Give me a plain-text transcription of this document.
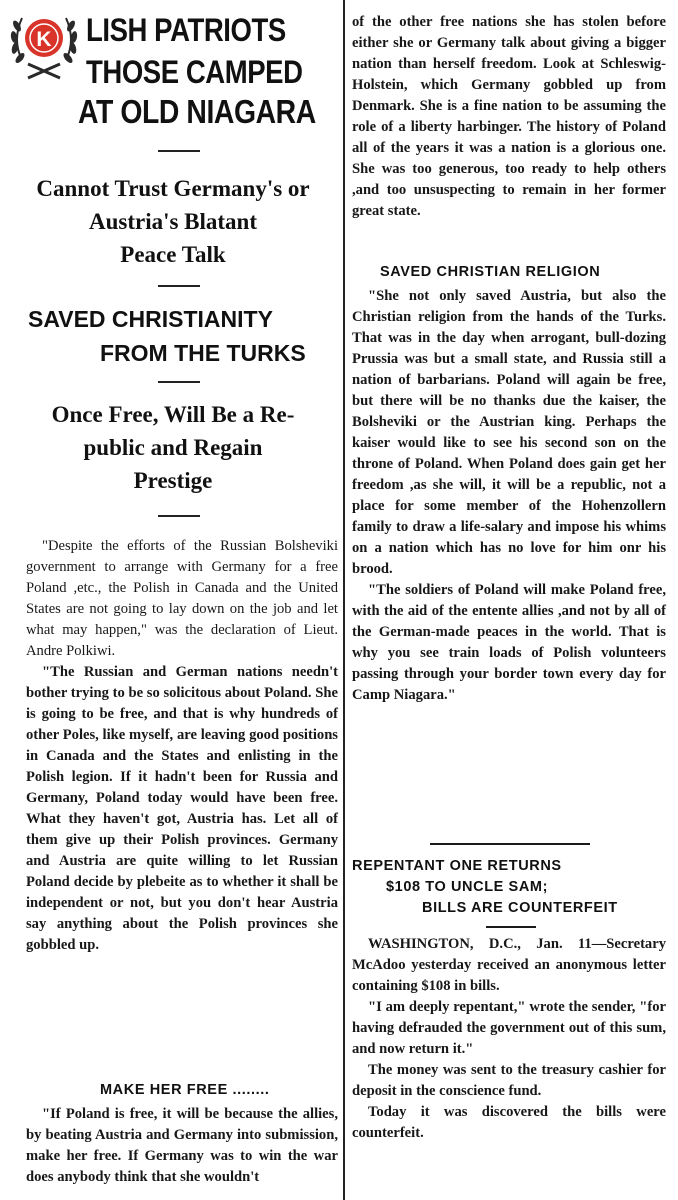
K LISH PATRIOTS
THOSE CAMPED
AT OLD NIAGARA
Cannot Trust Germany's or
Austria's Blatant
Peace Talk
SAVED CHRISTIANITY
FROM THE TURKS
Once Free, Will Be a Re-
public and Regain
Prestige

"Despite the efforts of the Russian Bolsheviki government to arrange with Germany for a free Poland ,etc., the Polish in Canada and the United States are not going to lay down on the job and let what may happen," was the declaration of Lieut. Andre Polkiwi.

"The Russian and German nations needn't bother trying to be so solicitous about Poland. She is going to be free, and that is why hundreds of other Poles, like myself, are leaving good positions in Canada and the States and enlisting in the Polish legion. If it hadn't been for Russia and Germany, Poland today would have been free. What they haven't got, Austria has. Let all of them give up their Polish provinces. Germany and Austria are quite willing to let Russian Poland decide by plebeite as to whether it shall be independent or not, but you don't hear Austria say anything about the Polish provinces she gobbled up.

MAKE HER FREE ........

"If Poland is free, it will be because the allies, by beating Austria and Germany into submission, make her free. If Germany was to win the war does anybody think that she wouldn't

of the other free nations she has stolen before either she or Germany talk about giving a bigger nation than herself freedom. Look at Schleswig-Holstein, which Germany gobbled up from Denmark. She is a fine nation to be assuming the role of a liberty harbinger. The history of Poland all of the years it was a nation is a glorious one. She was too generous, too ready to help others ,and too unsuspecting to remain in her former great state.

SAVED CHRISTIAN RELIGION

"She not only saved Austria, but also the Christian religion from the hands of the Turks. That was in the day when arrogant, bull-dozing Prussia was but a small state, and Russia still a nation of barbarians. Poland will again be free, but there will be no thanks due the kaiser, the Bolsheviki or the Austrian king. Perhaps the kaiser would like to see his second son on the throne of Poland. When Poland does gain get her freedom ,as she will, it will be a republic, not a place for some member of the Hohenzollern family to draw a life-salary and impose his whims on a nation which has no love for him onr his brood.

"The soldiers of Poland will make Poland free, with the aid of the entente allies ,and not by all of the German-made peaces in the world. That is why you see train loads of Polish volunteers passing through your border town every day for Camp Niagara."

REPENTANT ONE RETURNS
$108 TO UNCLE SAM;
BILLS ARE COUNTERFEIT

WASHINGTON, D.C., Jan. 11—Secretary McAdoo yesterday received an anonymous letter containing $108 in bills.

"I am deeply repentant," wrote the sender, "for having defrauded the government out of this sum, and now return it."

The money was sent to the treasury cashier for deposit in the conscience fund.

Today it was discovered the bills were counterfeit.
